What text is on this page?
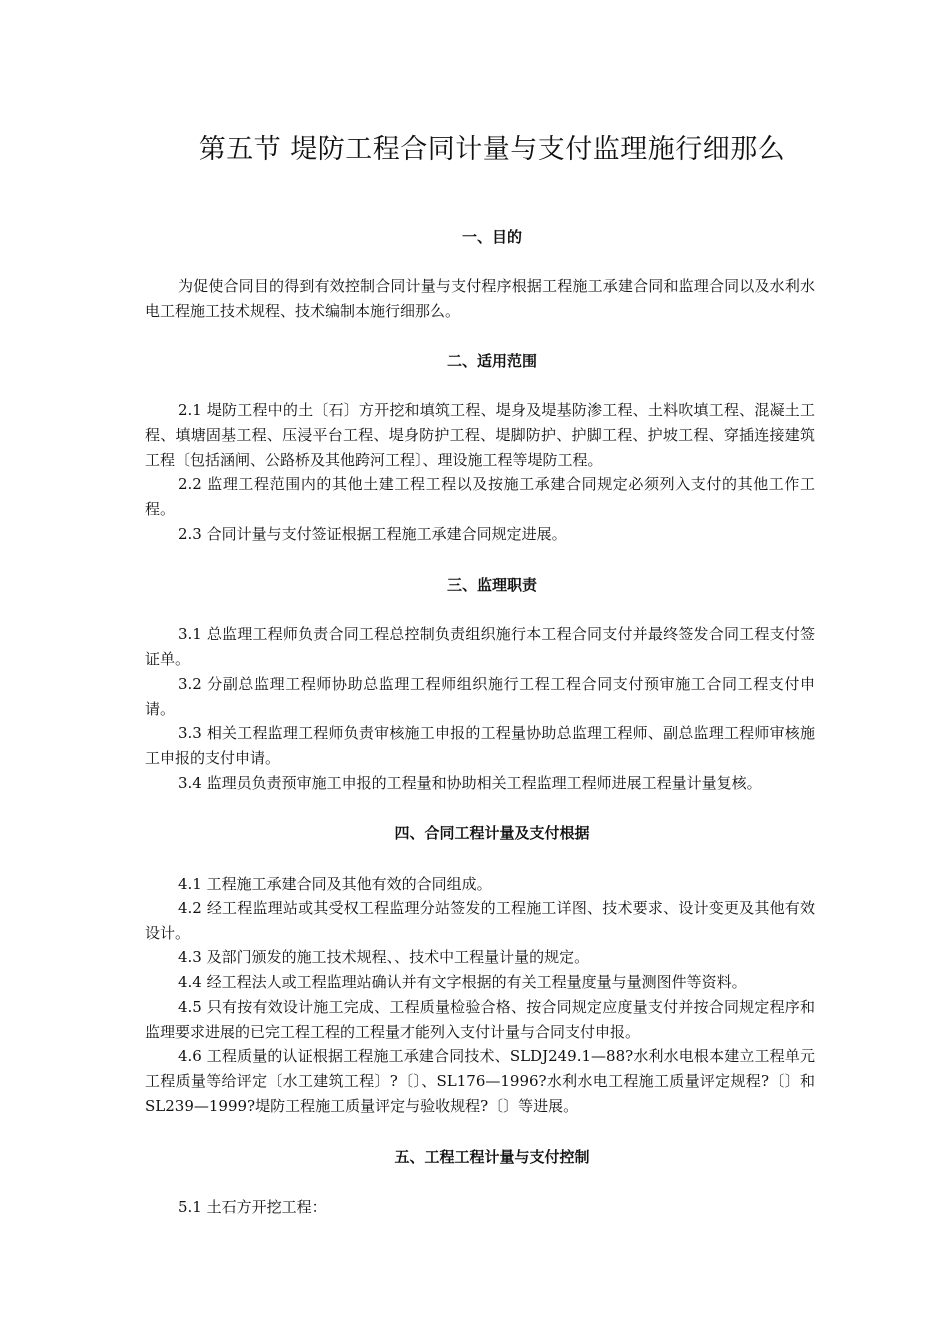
第五节 堤防工程合同计量与支付监理施行细那么
一、目的

为促使合同目的得到有效控制合同计量与支付程序根据工程施工承建合同和监理合同以及水利水电工程施工技术规程、技术编制本施行细那么。

二、适用范围

2.1 堤防工程中的土〔石〕方开挖和填筑工程、堤身及堤基防渗工程、土料吹填工程、混凝土工程、填塘固基工程、压浸平台工程、堤身防护工程、堤脚防护、护脚工程、护坡工程、穿插连接建筑工程〔包括涵闸、公路桥及其他跨河工程〕、理设施工程等堤防工程。

2.2 监理工程范围内的其他土建工程工程以及按施工承建合同规定必须列入支付的其他工作工程。

2.3 合同计量与支付签证根据工程施工承建合同规定进展。

三、监理职责

3.1 总监理工程师负责合同工程总控制负责组织施行本工程合同支付并最终签发合同工程支付签证单。

3.2 分副总监理工程师协助总监理工程师组织施行工程工程合同支付预审施工合同工程支付申请。

3.3 相关工程监理工程师负责审核施工申报的工程量协助总监理工程师、副总监理工程师审核施工申报的支付申请。

3.4 监理员负责预审施工申报的工程量和协助相关工程监理工程师进展工程量计量复核。

四、合同工程计量及支付根据

4.1 工程施工承建合同及其他有效的合同组成。

4.2 经工程监理站或其受权工程监理分站签发的工程施工详图、技术要求、设计变更及其他有效设计。

4.3 及部门颁发的施工技术规程、、技术中工程量计量的规定。

4.4 经工程法人或工程监理站确认并有文字根据的有关工程量度量与量测图件等资料。

4.5 只有按有效设计施工完成、工程质量检验合格、按合同规定应度量支付并按合同规定程序和监理要求进展的已完工程工程的工程量才能列入支付计量与合同支付申报。

4.6 工程质量的认证根据工程施工承建合同技术、SLDJ249.1—88?水利水电根本建立工程单元工程质量等给评定〔水工建筑工程〕?〔〕、SL176—1996?水利水电工程施工质量评定规程?〔〕和 SL239—1999?堤防工程施工质量评定与验收规程?〔〕等进展。

五、工程工程计量与支付控制

5.1 土石方开挖工程：
